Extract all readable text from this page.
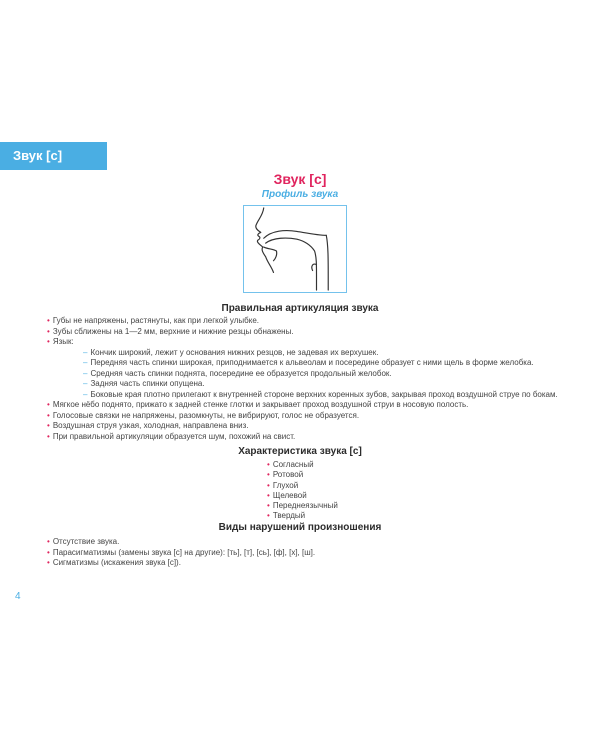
Звук [с]
Звук [с]
Профиль звука
Правильная артикуляция звука
• Губы не напряжены, растянуты, как при легкой улыбке.
• Зубы сближены на 1—2 мм, верхние и нижние резцы обнажены.
• Язык:
– Кончик широкий, лежит у основания нижних резцов, не задевая их верхушек.
– Передняя часть спинки широкая, приподнимается к альвеолам и посередине образует с ними щель в форме желобка.
– Средняя часть спинки поднята, посередине ее образуется продольный желобок.
– Задняя часть спинки опущена.
– Боковые края плотно прилегают к внутренней стороне верхних коренных зубов, закрывая проход воздушной струе по бокам.
• Мягкое нёбо поднято, прижато к задней стенке глотки и закрывает проход воздушной струи в носовую полость.
• Голосовые связки не напряжены, разомкнуты, не вибрируют, голос не образуется.
• Воздушная струя узкая, холодная, направлена вниз.
• При правильной артикуляции образуется шум, похожий на свист.
Характеристика звука [с]
• Согласный
• Ротовой
• Глухой
• Щелевой
• Переднеязычный
• Твердый
Виды нарушений произношения
• Отсутствие звука.
• Парасигматизмы (замены звука [с] на другие): [ть], [т], [сь], [ф], [х], [ш].
• Сигматизмы (искажения звука [с]).
4
